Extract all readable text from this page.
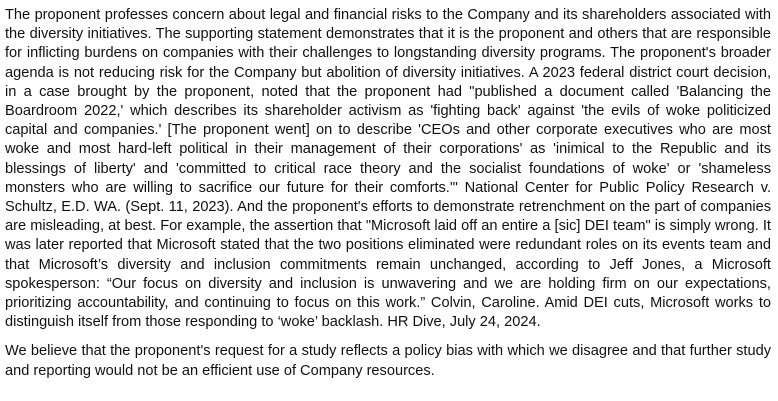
The proponent professes concern about legal and financial risks to the Company and its shareholders associated with the diversity initiatives. The supporting statement demonstrates that it is the proponent and others that are responsible for inflicting burdens on companies with their challenges to longstanding diversity programs. The proponent's broader agenda is not reducing risk for the Company but abolition of diversity initiatives. A 2023 federal district court decision, in a case brought by the proponent, noted that the proponent had "published a document called 'Balancing the Boardroom 2022,' which describes its shareholder activism as 'fighting back' against 'the evils of woke politicized capital and companies.' [The proponent went] on to describe 'CEOs and other corporate executives who are most woke and most hard-left political in their management of their corporations' as 'inimical to the Republic and its blessings of liberty' and 'committed to critical race theory and the socialist foundations of woke' or 'shameless monsters who are willing to sacrifice our future for their comforts.'" National Center for Public Policy Research v. Schultz, E.D. WA. (Sept. 11, 2023). And the proponent's efforts to demonstrate retrenchment on the part of companies are misleading, at best. For example, the assertion that "Microsoft laid off an entire a [sic] DEI team" is simply wrong. It was later reported that Microsoft stated that the two positions eliminated were redundant roles on its events team and that Microsoft’s diversity and inclusion commitments remain unchanged, according to Jeff Jones, a Microsoft spokesperson: “Our focus on diversity and inclusion is unwavering and we are holding firm on our expectations, prioritizing accountability, and continuing to focus on this work.” Colvin, Caroline. Amid DEI cuts, Microsoft works to distinguish itself from those responding to ‘woke’ backlash. HR Dive, July 24, 2024.

We believe that the proponent's request for a study reflects a policy bias with which we disagree and that further study and reporting would not be an efficient use of Company resources.
